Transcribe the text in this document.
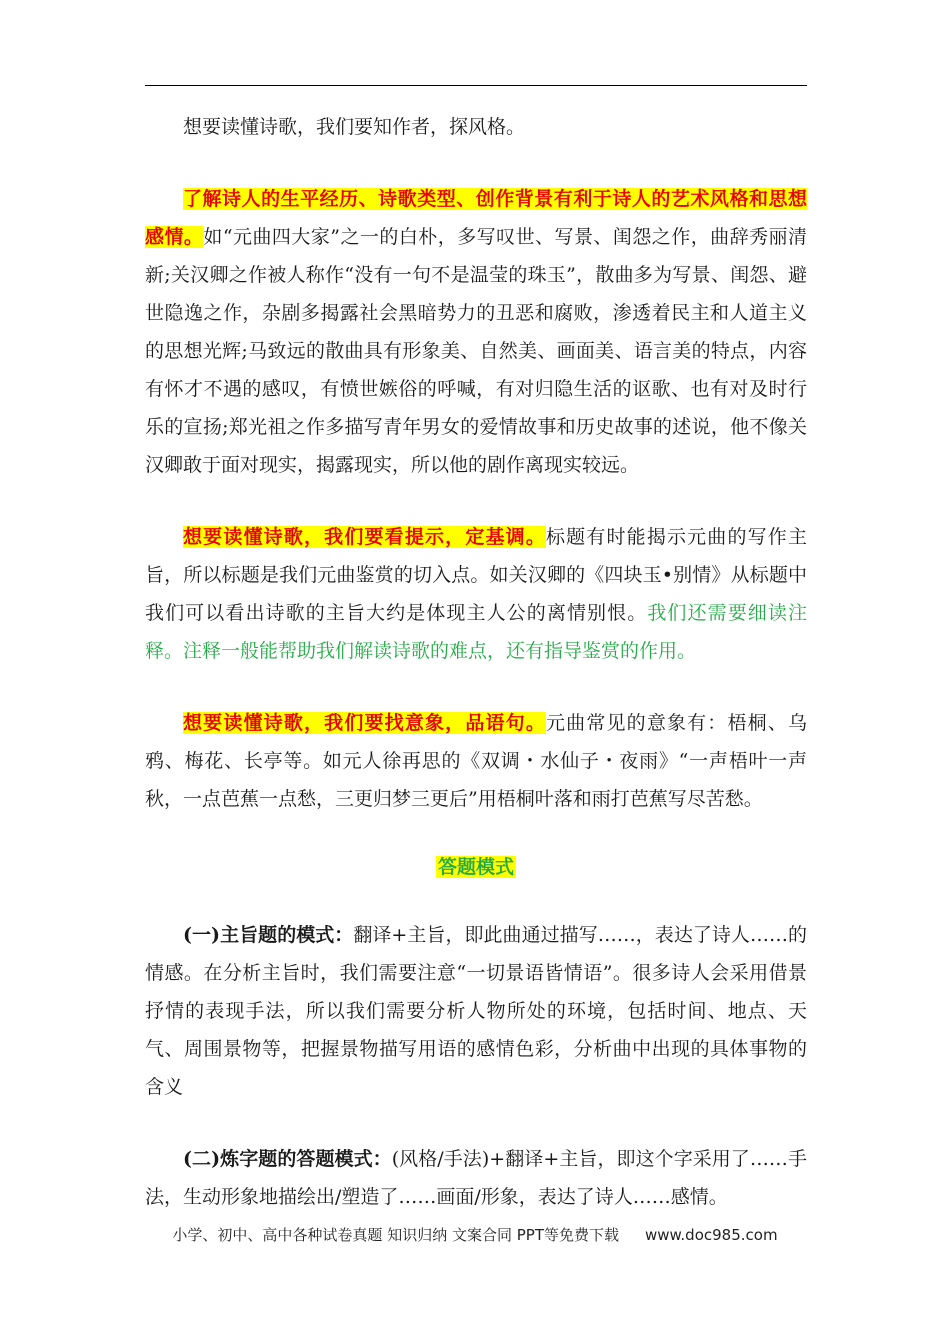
想要读懂诗歌，我们要知作者，探风格。

了解诗人的生平经历、诗歌类型、创作背景有利于诗人的艺术风格和思想感情。如“元曲四大家”之一的白朴，多写叹世、写景、闺怨之作，曲辞秀丽清新;关汉卿之作被人称作“没有一句不是温莹的珠玉”，散曲多为写景、闺怨、避世隐逸之作，杂剧多揭露社会黑暗势力的丑恶和腐败，渗透着民主和人道主义的思想光辉;马致远的散曲具有形象美、自然美、画面美、语言美的特点，内容有怀才不遇的感叹，有愤世嫉俗的呼喊，有对归隐生活的讴歌、也有对及时行乐的宣扬;郑光祖之作多描写青年男女的爱情故事和历史故事的述说，他不像关汉卿敢于面对现实，揭露现实，所以他的剧作离现实较远。

想要读懂诗歌，我们要看提示，定基调。标题有时能揭示元曲的写作主旨，所以标题是我们元曲鉴赏的切入点。如关汉卿的《四块玉•别情》从标题中我们可以看出诗歌的主旨大约是体现主人公的离情别恨。我们还需要细读注释。注释一般能帮助我们解读诗歌的难点，还有指导鉴赏的作用。

想要读懂诗歌，我们要找意象，品语句。元曲常见的意象有：梧桐、乌鸦、梅花、长亭等。如元人徐再思的《双调・水仙子・夜雨》“一声梧叶一声秋，一点芭蕉一点愁，三更归梦三更后”用梧桐叶落和雨打芭蕉写尽苦愁。

答题模式

(一)主旨题的模式：翻译+主旨，即此曲通过描写……，表达了诗人……的情感。在分析主旨时，我们需要注意“一切景语皆情语”。很多诗人会采用借景抒情的表现手法，所以我们需要分析人物所处的环境，包括时间、地点、天气、周围景物等，把握景物描写用语的感情色彩，分析曲中出现的具体事物的含义

(二)炼字题的答题模式：(风格/手法)+翻译+主旨，即这个字采用了……手法，生动形象地描绘出/塑造了……画面/形象，表达了诗人……感情。

小学、初中、高中各种试卷真题 知识归纳 文案合同 PPT等免费下载 www.doc985.com
